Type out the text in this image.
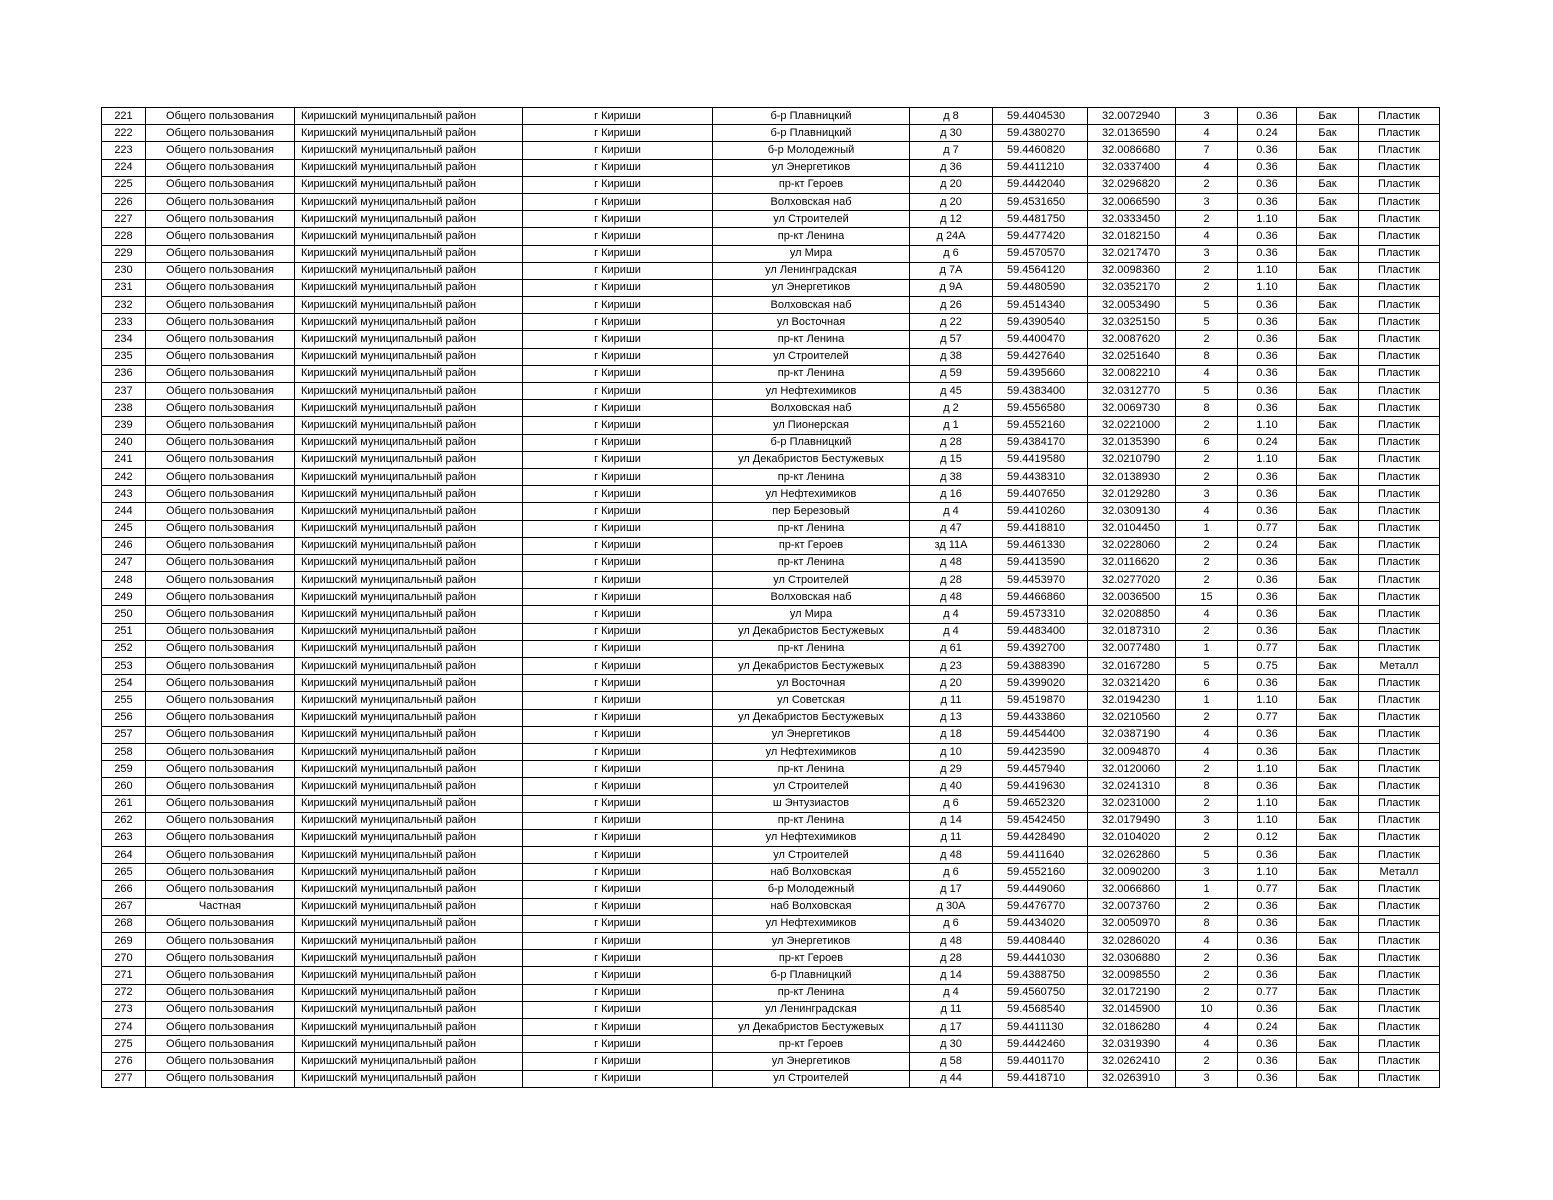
221	Общего пользования	Киришский муниципальный район	г Кириши	б-р Плавницкий	д 8	59.4404530	32.0072940	3	0.36	Бак	Пластик
222	Общего пользования	Киришский муниципальный район	г Кириши	б-р Плавницкий	д 30	59.4380270	32.0136590	4	0.24	Бак	Пластик
223	Общего пользования	Киришский муниципальный район	г Кириши	б-р Молодежный	д 7	59.4460820	32.0086680	7	0.36	Бак	Пластик
224	Общего пользования	Киришский муниципальный район	г Кириши	ул Энергетиков	д 36	59.4411210	32.0337400	4	0.36	Бак	Пластик
225	Общего пользования	Киришский муниципальный район	г Кириши	пр-кт Героев	д 20	59.4442040	32.0296820	2	0.36	Бак	Пластик
226	Общего пользования	Киришский муниципальный район	г Кириши	Волховская наб	д 20	59.4531650	32.0066590	3	0.36	Бак	Пластик
227	Общего пользования	Киришский муниципальный район	г Кириши	ул Строителей	д 12	59.4481750	32.0333450	2	1.10	Бак	Пластик
228	Общего пользования	Киришский муниципальный район	г Кириши	пр-кт Ленина	д 24А	59.4477420	32.0182150	4	0.36	Бак	Пластик
229	Общего пользования	Киришский муниципальный район	г Кириши	ул Мира	д 6	59.4570570	32.0217470	3	0.36	Бак	Пластик
230	Общего пользования	Киришский муниципальный район	г Кириши	ул Ленинградская	д 7А	59.4564120	32.0098360	2	1.10	Бак	Пластик
231	Общего пользования	Киришский муниципальный район	г Кириши	ул Энергетиков	д 9А	59.4480590	32.0352170	2	1.10	Бак	Пластик
232	Общего пользования	Киришский муниципальный район	г Кириши	Волховская наб	д 26	59.4514340	32.0053490	5	0.36	Бак	Пластик
233	Общего пользования	Киришский муниципальный район	г Кириши	ул Восточная	д 22	59.4390540	32.0325150	5	0.36	Бак	Пластик
234	Общего пользования	Киришский муниципальный район	г Кириши	пр-кт Ленина	д 57	59.4400470	32.0087620	2	0.36	Бак	Пластик
235	Общего пользования	Киришский муниципальный район	г Кириши	ул Строителей	д 38	59.4427640	32.0251640	8	0.36	Бак	Пластик
236	Общего пользования	Киришский муниципальный район	г Кириши	пр-кт Ленина	д 59	59.4395660	32.0082210	4	0.36	Бак	Пластик
237	Общего пользования	Киришский муниципальный район	г Кириши	ул Нефтехимиков	д 45	59.4383400	32.0312770	5	0.36	Бак	Пластик
238	Общего пользования	Киришский муниципальный район	г Кириши	Волховская наб	д 2	59.4556580	32.0069730	8	0.36	Бак	Пластик
239	Общего пользования	Киришский муниципальный район	г Кириши	ул Пионерская	д 1	59.4552160	32.0221000	2	1.10	Бак	Пластик
240	Общего пользования	Киришский муниципальный район	г Кириши	б-р Плавницкий	д 28	59.4384170	32.0135390	6	0.24	Бак	Пластик
241	Общего пользования	Киришский муниципальный район	г Кириши	ул Декабристов Бестужевых	д 15	59.4419580	32.0210790	2	1.10	Бак	Пластик
242	Общего пользования	Киришский муниципальный район	г Кириши	пр-кт Ленина	д 38	59.4438310	32.0138930	2	0.36	Бак	Пластик
243	Общего пользования	Киришский муниципальный район	г Кириши	ул Нефтехимиков	д 16	59.4407650	32.0129280	3	0.36	Бак	Пластик
244	Общего пользования	Киришский муниципальный район	г Кириши	пер Березовый	д 4	59.4410260	32.0309130	4	0.36	Бак	Пластик
245	Общего пользования	Киришский муниципальный район	г Кириши	пр-кт Ленина	д 47	59.4418810	32.0104450	1	0.77	Бак	Пластик
246	Общего пользования	Киришский муниципальный район	г Кириши	пр-кт Героев	зд 11А	59.4461330	32.0228060	2	0.24	Бак	Пластик
247	Общего пользования	Киришский муниципальный район	г Кириши	пр-кт Ленина	д 48	59.4413590	32.0116620	2	0.36	Бак	Пластик
248	Общего пользования	Киришский муниципальный район	г Кириши	ул Строителей	д 28	59.4453970	32.0277020	2	0.36	Бак	Пластик
249	Общего пользования	Киришский муниципальный район	г Кириши	Волховская наб	д 48	59.4466860	32.0036500	15	0.36	Бак	Пластик
250	Общего пользования	Киришский муниципальный район	г Кириши	ул Мира	д 4	59.4573310	32.0208850	4	0.36	Бак	Пластик
251	Общего пользования	Киришский муниципальный район	г Кириши	ул Декабристов Бестужевых	д 4	59.4483400	32.0187310	2	0.36	Бак	Пластик
252	Общего пользования	Киришский муниципальный район	г Кириши	пр-кт Ленина	д 61	59.4392700	32.0077480	1	0.77	Бак	Пластик
253	Общего пользования	Киришский муниципальный район	г Кириши	ул Декабристов Бестужевых	д 23	59.4388390	32.0167280	5	0.75	Бак	Металл
254	Общего пользования	Киришский муниципальный район	г Кириши	ул Восточная	д 20	59.4399020	32.0321420	6	0.36	Бак	Пластик
255	Общего пользования	Киришский муниципальный район	г Кириши	ул Советская	д 11	59.4519870	32.0194230	1	1.10	Бак	Пластик
256	Общего пользования	Киришский муниципальный район	г Кириши	ул Декабристов Бестужевых	д 13	59.4433860	32.0210560	2	0.77	Бак	Пластик
257	Общего пользования	Киришский муниципальный район	г Кириши	ул Энергетиков	д 18	59.4454400	32.0387190	4	0.36	Бак	Пластик
258	Общего пользования	Киришский муниципальный район	г Кириши	ул Нефтехимиков	д 10	59.4423590	32.0094870	4	0.36	Бак	Пластик
259	Общего пользования	Киришский муниципальный район	г Кириши	пр-кт Ленина	д 29	59.4457940	32.0120060	2	1.10	Бак	Пластик
260	Общего пользования	Киришский муниципальный район	г Кириши	ул Строителей	д 40	59.4419630	32.0241310	8	0.36	Бак	Пластик
261	Общего пользования	Киришский муниципальный район	г Кириши	ш Энтузиастов	д 6	59.4652320	32.0231000	2	1.10	Бак	Пластик
262	Общего пользования	Киришский муниципальный район	г Кириши	пр-кт Ленина	д 14	59.4542450	32.0179490	3	1.10	Бак	Пластик
263	Общего пользования	Киришский муниципальный район	г Кириши	ул Нефтехимиков	д 11	59.4428490	32.0104020	2	0.12	Бак	Пластик
264	Общего пользования	Киришский муниципальный район	г Кириши	ул Строителей	д 48	59.4411640	32.0262860	5	0.36	Бак	Пластик
265	Общего пользования	Киришский муниципальный район	г Кириши	наб Волховская	д 6	59.4552160	32.0090200	3	1.10	Бак	Металл
266	Общего пользования	Киришский муниципальный район	г Кириши	б-р Молодежный	д 17	59.4449060	32.0066860	1	0.77	Бак	Пластик
267	Частная	Киришский муниципальный район	г Кириши	наб Волховская	д 30А	59.4476770	32.0073760	2	0.36	Бак	Пластик
268	Общего пользования	Киришский муниципальный район	г Кириши	ул Нефтехимиков	д 6	59.4434020	32.0050970	8	0.36	Бак	Пластик
269	Общего пользования	Киришский муниципальный район	г Кириши	ул Энергетиков	д 48	59.4408440	32.0286020	4	0.36	Бак	Пластик
270	Общего пользования	Киришский муниципальный район	г Кириши	пр-кт Героев	д 28	59.4441030	32.0306880	2	0.36	Бак	Пластик
271	Общего пользования	Киришский муниципальный район	г Кириши	б-р Плавницкий	д 14	59.4388750	32.0098550	2	0.36	Бак	Пластик
272	Общего пользования	Киришский муниципальный район	г Кириши	пр-кт Ленина	д 4	59.4560750	32.0172190	2	0.77	Бак	Пластик
273	Общего пользования	Киришский муниципальный район	г Кириши	ул Ленинградская	д 11	59.4568540	32.0145900	10	0.36	Бак	Пластик
274	Общего пользования	Киришский муниципальный район	г Кириши	ул Декабристов Бестужевых	д 17	59.4411130	32.0186280	4	0.24	Бак	Пластик
275	Общего пользования	Киришский муниципальный район	г Кириши	пр-кт Героев	д 30	59.4442460	32.0319390	4	0.36	Бак	Пластик
276	Общего пользования	Киришский муниципальный район	г Кириши	ул Энергетиков	д 58	59.4401170	32.0262410	2	0.36	Бак	Пластик
277	Общего пользования	Киришский муниципальный район	г Кириши	ул Строителей	д 44	59.4418710	32.0263910	3	0.36	Бак	Пластик
